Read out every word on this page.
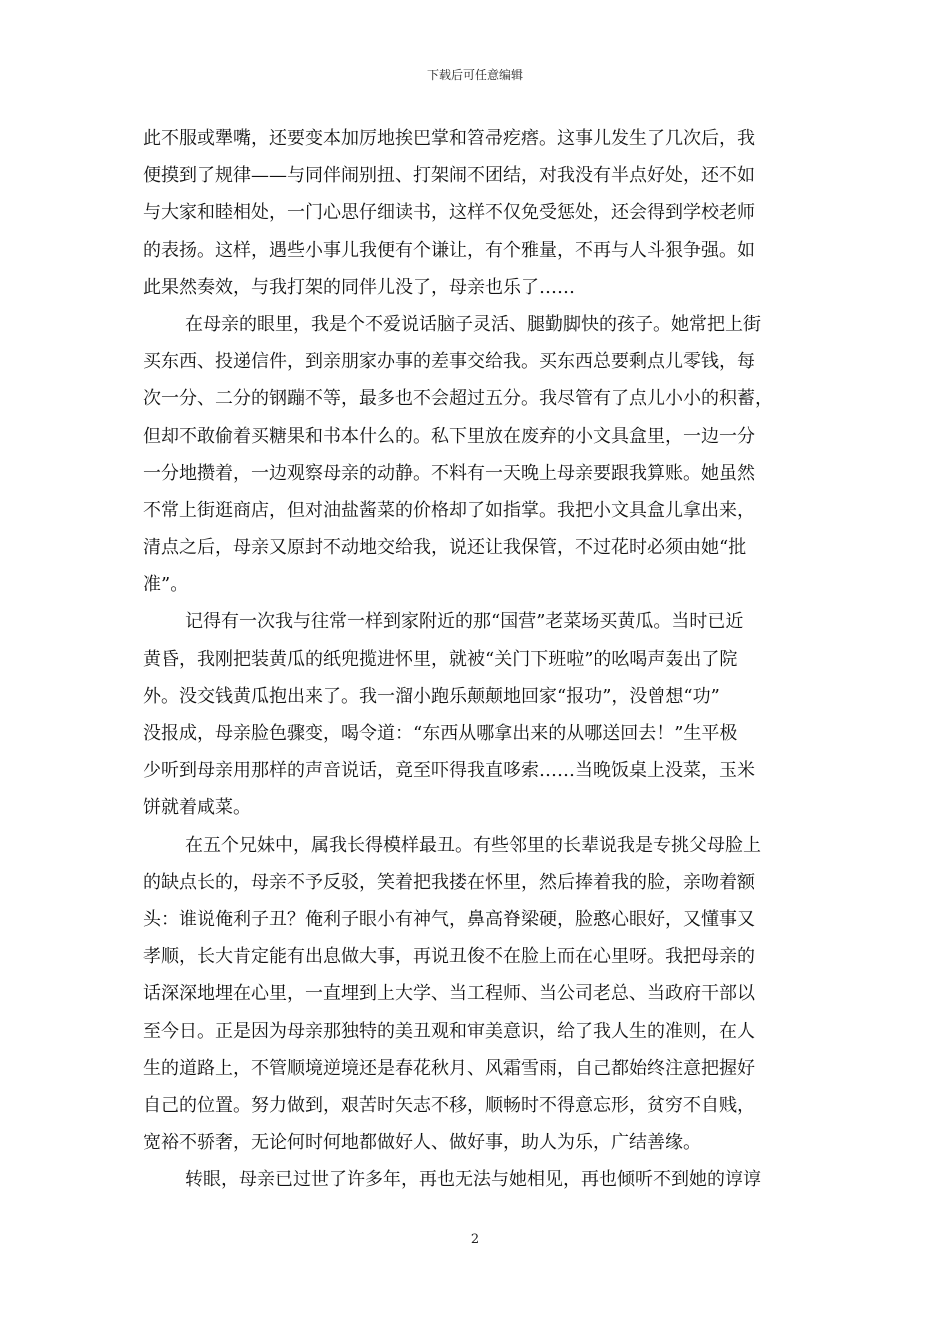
下载后可任意编辑
此不服或犟嘴，还要变本加厉地挨巴掌和笤帚疙瘩。这事儿发生了几次后，我
便摸到了规律——与同伴闹别扭、打架闹不团结，对我没有半点好处，还不如
与大家和睦相处，一门心思仔细读书，这样不仅免受惩处，还会得到学校老师
的表扬。这样，遇些小事儿我便有个谦让，有个雅量，不再与人斗狠争强。如
此果然奏效，与我打架的同伴儿没了，母亲也乐了……
在母亲的眼里，我是个不爱说话脑子灵活、腿勤脚快的孩子。她常把上街
买东西、投递信件，到亲朋家办事的差事交给我。买东西总要剩点儿零钱，每
次一分、二分的钢蹦不等，最多也不会超过五分。我尽管有了点儿小小的积蓄，
但却不敢偷着买糖果和书本什么的。私下里放在废弃的小文具盒里，一边一分
一分地攒着，一边观察母亲的动静。不料有一天晚上母亲要跟我算账。她虽然
不常上街逛商店，但对油盐酱菜的价格却了如指掌。我把小文具盒儿拿出来，
清点之后，母亲又原封不动地交给我，说还让我保管，不过花时必须由她“批
准”。
记得有一次我与往常一样到家附近的那“国营”老菜场买黄瓜。当时已近
黄昏，我刚把装黄瓜的纸兜揽进怀里，就被“关门下班啦”的吆喝声轰出了院
外。没交钱黄瓜抱出来了。我一溜小跑乐颠颠地回家“报功”，没曾想“功”
没报成，母亲脸色骤变，喝令道：“东西从哪拿出来的从哪送回去！”生平极
少听到母亲用那样的声音说话，竟至吓得我直哆索……当晚饭桌上没菜，玉米
饼就着咸菜。
在五个兄妹中，属我长得模样最丑。有些邻里的长辈说我是专挑父母脸上
的缺点长的，母亲不予反驳，笑着把我搂在怀里，然后捧着我的脸，亲吻着额
头：谁说俺利子丑？俺利子眼小有神气，鼻高脊梁硬，脸憨心眼好，又懂事又
孝顺，长大肯定能有出息做大事，再说丑俊不在脸上而在心里呀。我把母亲的
话深深地埋在心里，一直埋到上大学、当工程师、当公司老总、当政府干部以
至今日。正是因为母亲那独特的美丑观和审美意识，给了我人生的准则，在人
生的道路上，不管顺境逆境还是春花秋月、风霜雪雨，自己都始终注意把握好
自己的位置。努力做到，艰苦时矢志不移，顺畅时不得意忘形，贫穷不自贱，
宽裕不骄奢，无论何时何地都做好人、做好事，助人为乐，广结善缘。
转眼，母亲已过世了许多年，再也无法与她相见，再也倾听不到她的谆谆
2
